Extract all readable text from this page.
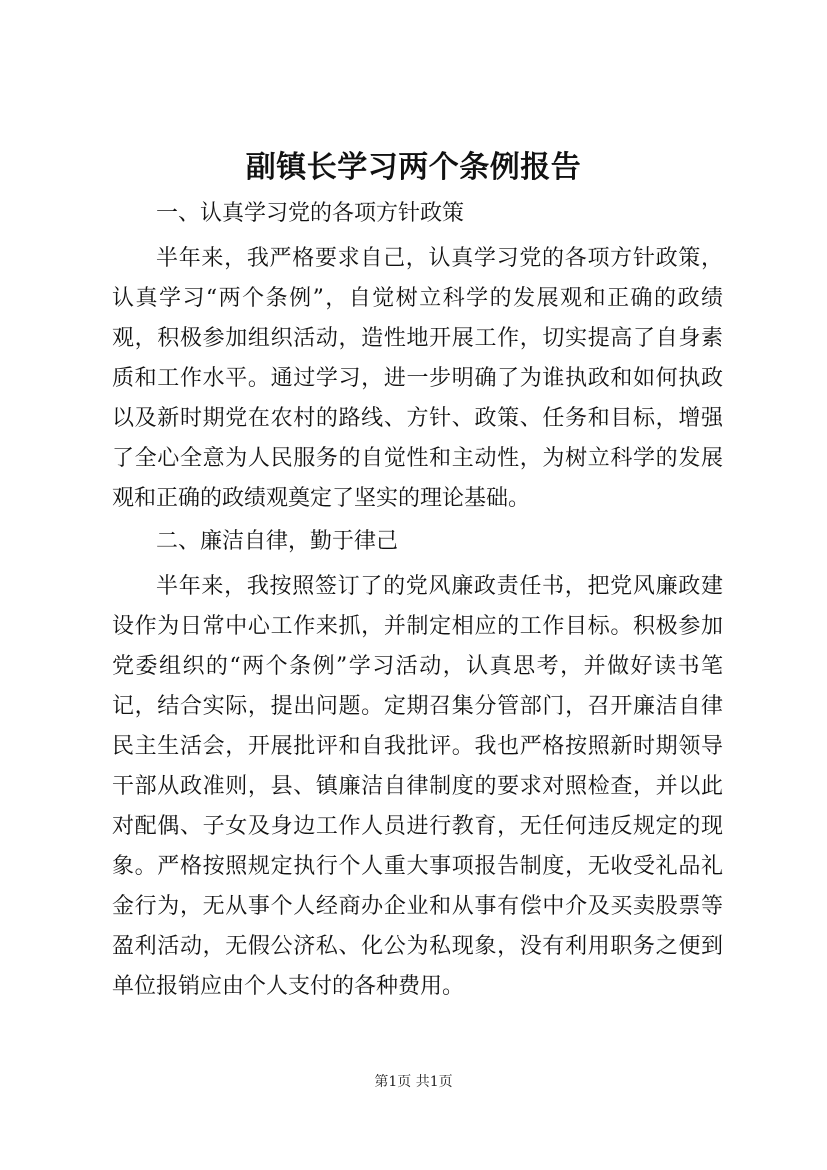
副镇长学习两个条例报告

一、认真学习党的各项方针政策

半年来，我严格要求自己，认真学习党的各项方针政策，认真学习“两个条例”，自觉树立科学的发展观和正确的政绩观，积极参加组织活动，造性地开展工作，切实提高了自身素质和工作水平。通过学习，进一步明确了为谁执政和如何执政以及新时期党在农村的路线、方针、政策、任务和目标，增强了全心全意为人民服务的自觉性和主动性，为树立科学的发展观和正确的政绩观奠定了坚实的理论基础。

二、廉洁自律，勤于律己

半年来，我按照签订了的党风廉政责任书，把党风廉政建设作为日常中心工作来抓，并制定相应的工作目标。积极参加党委组织的“两个条例”学习活动，认真思考，并做好读书笔记，结合实际，提出问题。定期召集分管部门，召开廉洁自律民主生活会，开展批评和自我批评。我也严格按照新时期领导干部从政准则，县、镇廉洁自律制度的要求对照检查，并以此对配偶、子女及身边工作人员进行教育，无任何违反规定的现象。严格按照规定执行个人重大事项报告制度，无收受礼品礼金行为，无从事个人经商办企业和从事有偿中介及买卖股票等盈利活动，无假公济私、化公为私现象，没有利用职务之便到单位报销应由个人支付的各种费用。

第1页 共1页
